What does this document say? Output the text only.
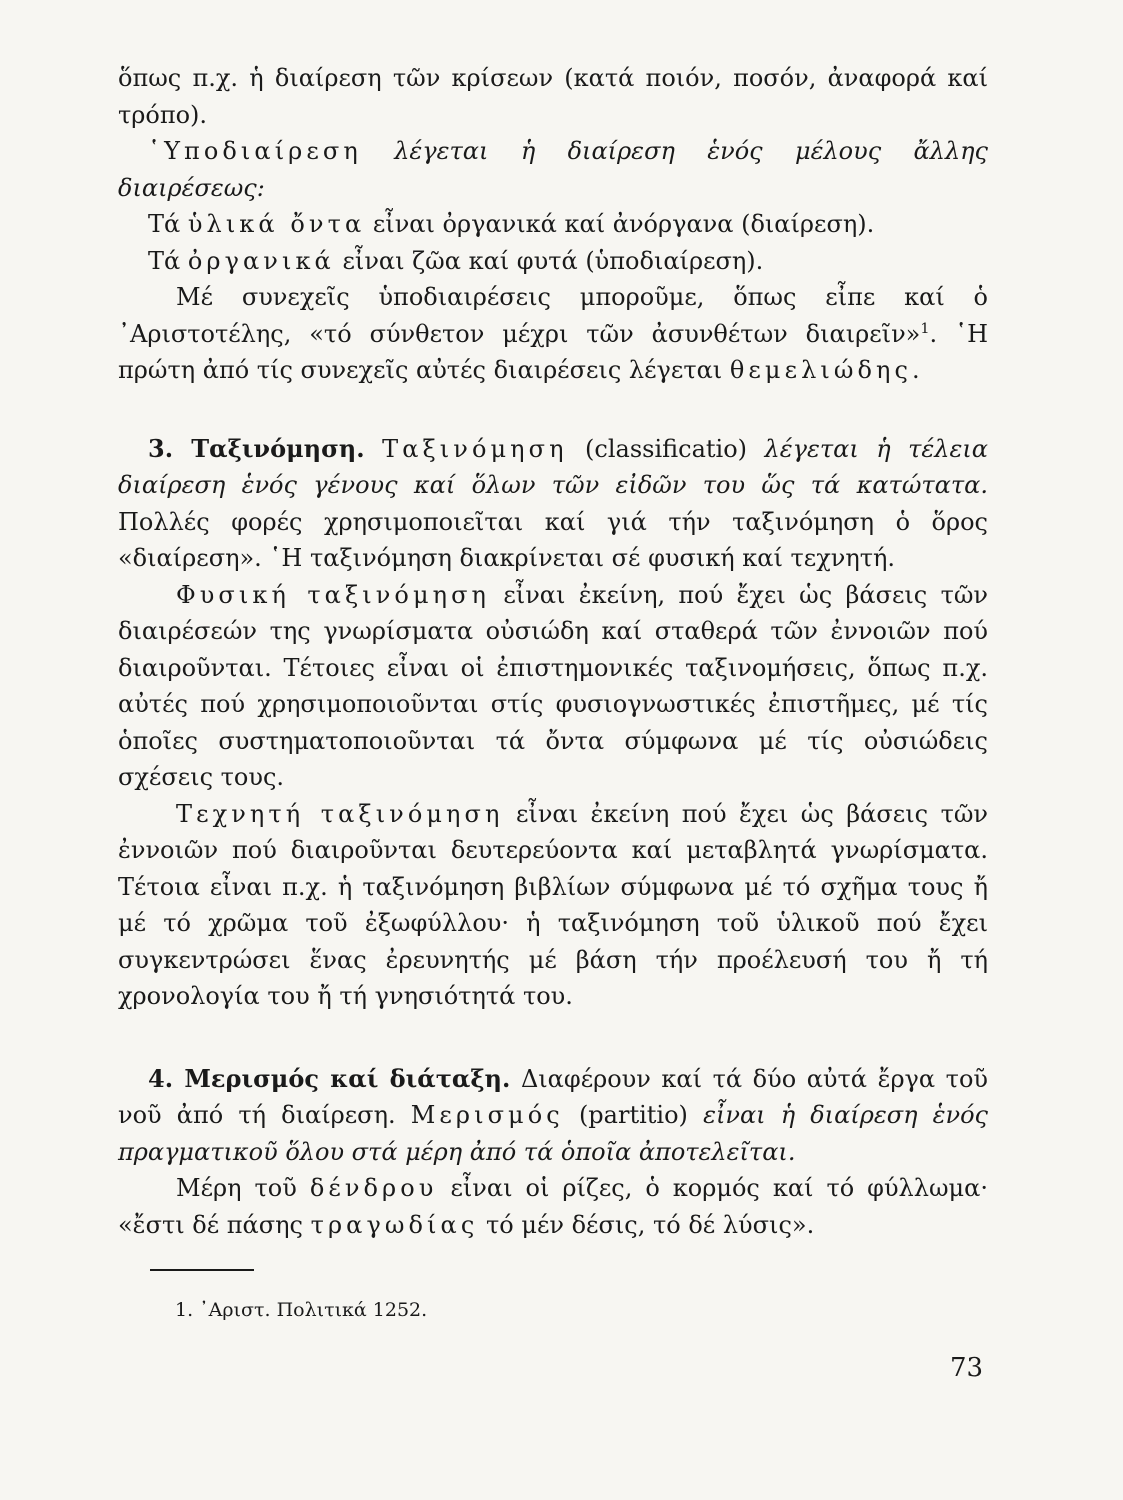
ὅπως π.χ. ἡ διαίρεση τῶν κρίσεων (κατά ποιόν, ποσόν, ἀναφορά καί τρόπο).

῾Υποδιαίρεση λέγεται ἡ διαίρεση ἑνός μέλους ἄλλης διαιρέσεως:

Τά ὑλικά ὄντα εἶναι ὀργανικά καί ἀνόργανα (διαίρεση).

Τά ὀργανικά εἶναι ζῶα καί φυτά (ὑποδιαίρεση).

Μέ συνεχεῖς ὑποδιαιρέσεις μποροῦμε, ὅπως εἶπε καί ὁ ᾿Αριστοτέλης, «τό σύνθετον μέχρι τῶν ἀσυνθέτων διαιρεῖν»$^1$. ῾Η πρώτη ἀπό τίς συνεχεῖς αὐτές διαιρέσεις λέγεται θεμελιώδης.

3. Ταξινόμηση. Ταξινόμηση (classificatio) λέγεται ἡ τέλεια διαίρεση ἑνός γένους καί ὅλων τῶν εἰδῶν του ὥς τά κατώτατα. Πολλές φορές χρησιμοποιεῖται καί γιά τήν ταξινόμηση ὁ ὅρος «διαίρεση». ῾Η ταξινόμηση διακρίνεται σέ φυσική καί τεχνητή.

Φυσική ταξινόμηση εἶναι ἐκείνη, πού ἔχει ὡς βάσεις τῶν διαιρέσεών της γνωρίσματα οὐσιώδη καί σταθερά τῶν ἐννοιῶν πού διαιροῦνται. Τέτοιες εἶναι οἱ ἐπιστημονικές ταξινομήσεις, ὅπως π.χ. αὐτές πού χρησιμοποιοῦνται στίς φυσιογνωστικές ἐπιστῆμες, μέ τίς ὁποῖες συστηματοποιοῦνται τά ὄντα σύμφωνα μέ τίς οὐσιώδεις σχέσεις τους.

Τεχνητή ταξινόμηση εἶναι ἐκείνη πού ἔχει ὡς βάσεις τῶν ἐννοιῶν πού διαιροῦνται δευτερεύοντα καί μεταβλητά γνωρίσματα. Τέτοια εἶναι π.χ. ἡ ταξινόμηση βιβλίων σύμφωνα μέ τό σχῆμα τους ἤ μέ τό χρῶμα τοῦ ἐξωφύλλου· ἡ ταξινόμηση τοῦ ὑλικοῦ πού ἔχει συγκεντρώσει ἕνας ἐρευνητής μέ βάση τήν προέλευσή του ἤ τή χρονολογία του ἤ τή γνησιότητά του.

4. Μερισμός καί διάταξη. Διαφέρουν καί τά δύο αὐτά ἔργα τοῦ νοῦ ἀπό τή διαίρεση. Μερισμός (partitio) εἶναι ἡ διαίρεση ἑνός πραγματικοῦ ὅλου στά μέρη ἀπό τά ὁποῖα ἀποτελεῖται.

Μέρη τοῦ δένδρου εἶναι οἱ ρίζες, ὁ κορμός καί τό φύλλωμα· «ἔστι δέ πάσης τραγωδίας τό μέν δέσις, τό δέ λύσις».

1. ᾿Αριστ. Πολιτικά 1252.
73
